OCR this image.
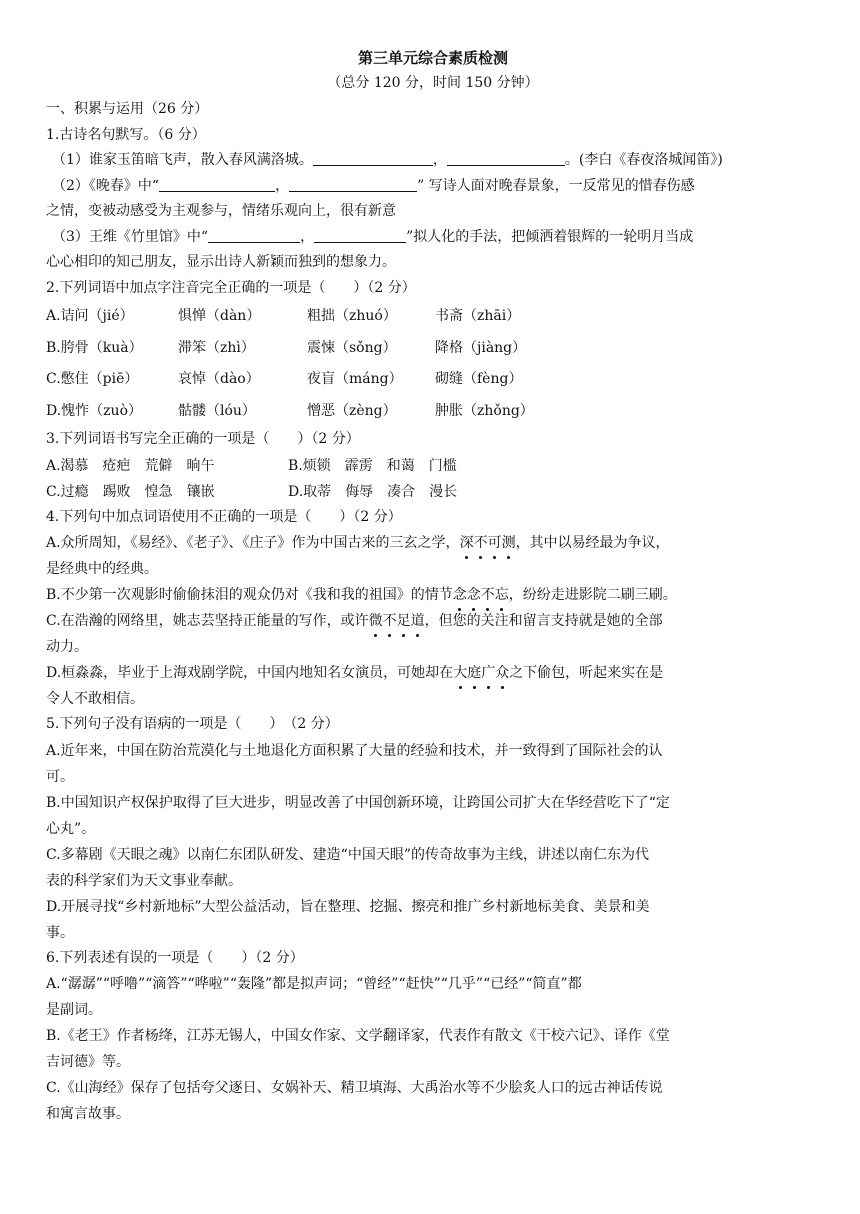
第三单元综合素质检测
（总分 120 分，时间 150 分钟）
一、积累与运用（26 分）
1.古诗名句默写。（6 分）
（1）谁家玉笛暗飞声，散入春风满洛城。	，	。(李白《春夜洛城闻笛》)
（2）《晚春》中“	，	” 写诗人面对晚春景象，一反常见的惜春伤感
之情，变被动感受为主观参与，情绪乐观向上，很有新意
（3）王维《竹里馆》中“	，	”拟人化的手法，把倾洒着银辉的一轮明月当成
心心相印的知己朋友，显示出诗人新颖而独到的想象力。
2.下列词语中加点字注音完全正确的一项是（　　）（2 分）
A.诘问（jié）	惧惮（dàn）	粗拙（zhuó）	书斋（zhāi）
B.胯骨（kuà）	滞笨（zhì）	震悚（sǒng）	降格（jiàng）
C.憋住（piē）	哀悼（dào）	夜盲（máng） 砌缝（fèng）
D.愧怍（zuò）	骷髅（lóu）	憎恶（zèng）	肿胀（zhǒng）
3.下列词语书写完全正确的一项是（　　）（2 分）
A.渴慕　疮疤　荒僻　晌午	B.烦锁　霹雳　和蔼　门槛
C.过瘾　踢败　惶急　镶嵌	D.取蒂　侮辱　凑合　漫长
4.下列句中加点词语使用不正确的一项是（　　）（2 分）
A.众所周知，《易经》、《老子》、《庄子》作为中国古来的三玄之学，深不可测，其中以易经最为争议，
是经典中的经典。
B.不少第一次观影时偷偷抹泪的观众仍对《我和我的祖国》的情节念念不忘，纷纷走进影院二刷三刷。
C.在浩瀚的网络里，姚志芸坚持正能量的写作，或许微不足道，但您的关注和留言支持就是她的全部
动力。
D.桓淼淼，毕业于上海戏剧学院，中国内地知名女演员，可她却在大庭广众之下偷包，听起来实在是
令人不敢相信。
5.下列句子没有语病的一项是（　　）　（2 分）
A.近年来，中国在防治荒漠化与土地退化方面积累了大量的经验和技术，并一致得到了国际社会的认
可。
B.中国知识产权保护取得了巨大进步，明显改善了中国创新环境，让跨国公司扩大在华经营吃下了“定
心丸”。
C.多幕剧《天眼之魂》以南仁东团队研发、建造“中国天眼”的传奇故事为主线，讲述以南仁东为代
表的科学家们为天文事业奉献。
D.开展寻找“乡村新地标”大型公益活动，旨在整理、挖掘、擦亮和推广乡村新地标美食、美景和美
事。
6.下列表述有误的一项是（　　）（2 分）
A.“潺潺”“呼噜”“滴答”“哗啦”“轰隆”都是拟声词；“曾经”“赶快”“几乎”“已经”“简直”都
是副词。
B.《老王》作者杨绛，江苏无锡人，中国女作家、文学翻译家，代表作有散文《干校六记》、译作《堂
吉诃德》等。
C.《山海经》保存了包括夸父逐日、女娲补天、精卫填海、大禹治水等不少脍炙人口的远古神话传说
和寓言故事。
